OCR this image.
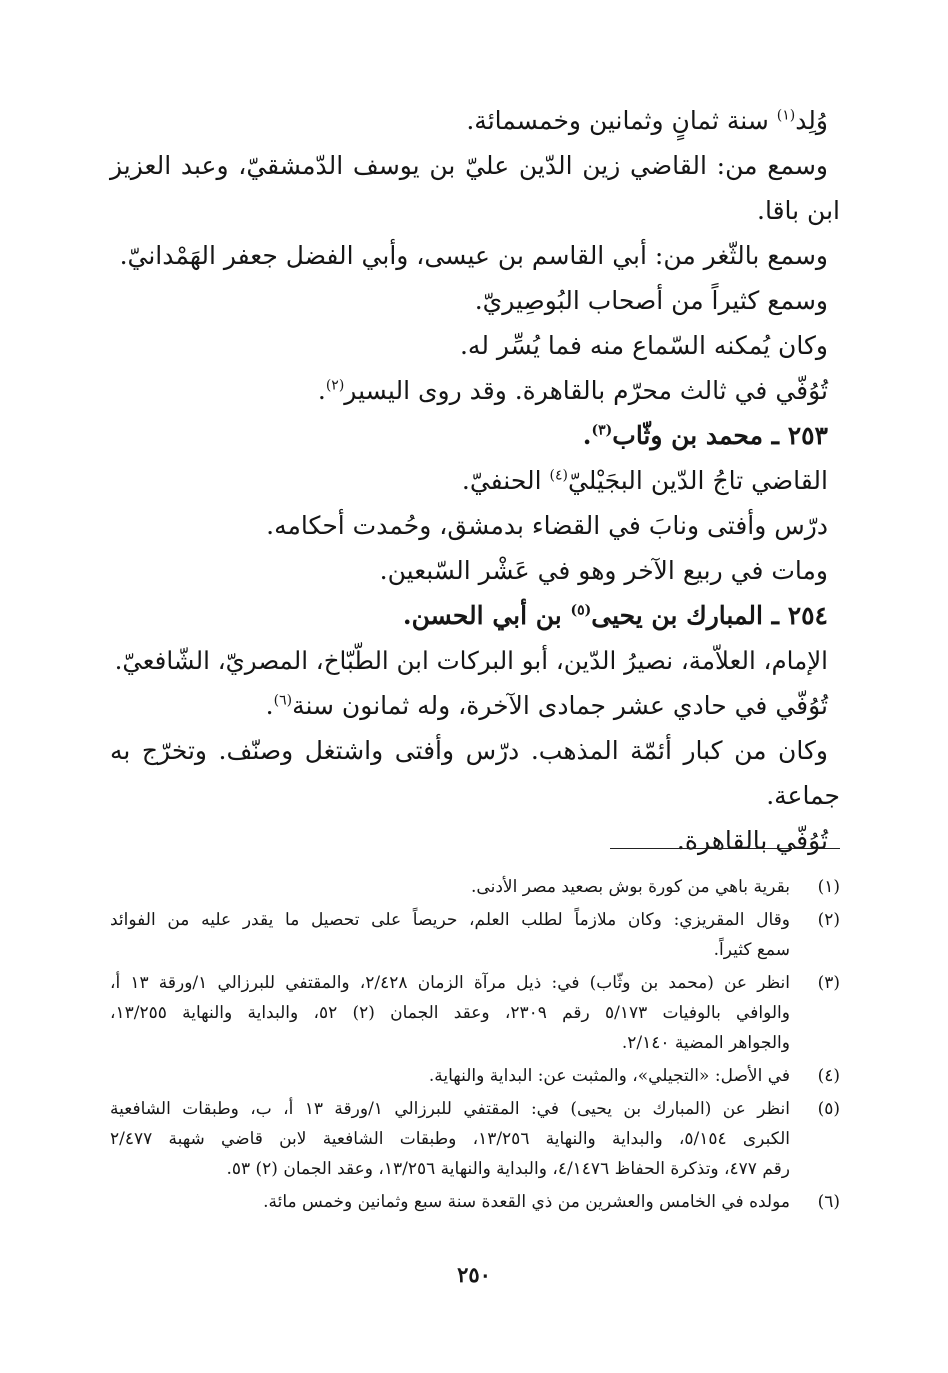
وُلِد$^{(١)}$ سنة ثمانٍ وثمانين وخمسمائة.
وسمع من: القاضي زين الدّين عليّ بن يوسف الدّمشقيّ، وعبد العزيز
ابن باقا.
وسمع بالثّغر من: أبي القاسم بن عيسى، وأبي الفضل جعفر الهَمْدانيّ.
وسمع كثيراً من أصحاب البُوصِيريّ.
وكان يُمكنه السّماع منه فما يُسِّر له.
تُوُفّي في ثالث محرّم بالقاهرة. وقد روى اليسير$^{(٢)}$.
٢٥٣ ـ محمد بن وثّاب$^{(٣)}$.
القاضي تاجُ الدّين البجَيْليّ$^{(٤)}$ الحنفيّ.
درّس وأفتى ونابَ في القضاء بدمشق، وحُمدت أحكامه.
ومات في ربيع الآخر وهو في عَشْر السّبعين.
٢٥٤ ـ المبارك بن يحيى$^{(٥)}$ بن أبي الحسن.
الإمام، العلاّمة، نصيرُ الدّين، أبو البركات ابن الطّبّاخ، المصريّ، الشّافعيّ.
تُوُفّي في حادي عشر جمادى الآخرة، وله ثمانون سنة$^{(٦)}$.
وكان من كبار أئمّة المذهب. درّس وأفتى واشتغل وصنّف. وتخرّج به
جماعة.
تُوُفّي بالقاهرة.
(١)
بقرية باهي من كورة بوش بصعيد مصر الأدنى.
(٢)
وقال المقريزي: وكان ملازماً لطلب العلم، حريصاً على تحصيل ما يقدر عليه من الفوائد
سمع كثيراً.
(٣)
انظر عن (محمد بن وثّاب) في: ذيل مرآة الزمان ٢/٤٢٨، والمقتفي للبرزالي ١/ورقة ١٣ أ،
والوافي بالوفيات ٥/١٧٣ رقم ٢٣٠٩، وعقد الجمان (٢) ٥٢، والبداية والنهاية ١٣/٢٥٥،
والجواهر المضية ٢/١٤٠.
(٤)
في الأصل: «التجيلي»، والمثبت عن: البداية والنهاية.
(٥)
انظر عن (المبارك بن يحيى) في: المقتفي للبرزالي ١/ورقة ١٣ أ، ب، وطبقات الشافعية
الكبرى ٥/١٥٤، والبداية والنهاية ١٣/٢٥٦، وطبقات الشافعية لابن قاضي شهبة ٢/٤٧٧
رقم ٤٧٧، وتذكرة الحفاظ ٤/١٤٧٦، والبداية والنهاية ١٣/٢٥٦، وعقد الجمان (٢) ٥٣.
(٦)
مولده في الخامس والعشرين من ذي القعدة سنة سبع وثمانين وخمس مائة.
٢٥٠
